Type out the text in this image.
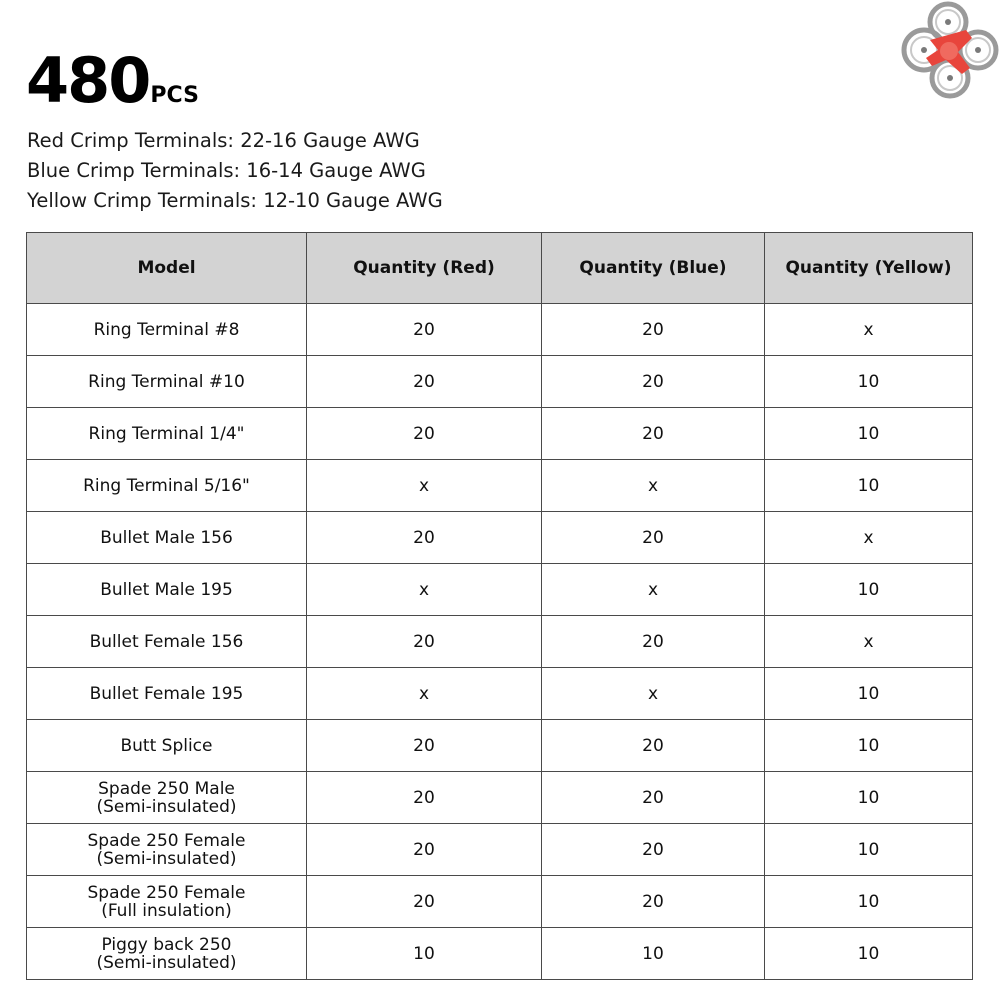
480PCS
Red Crimp Terminals: 22-16 Gauge AWG
Blue Crimp Terminals: 16-14 Gauge AWG
Yellow Crimp Terminals: 12-10 Gauge AWG
Model	Quantity (Red)	Quantity (Blue)	Quantity (Yellow)
Ring Terminal #8	20	20	x
Ring Terminal #10	20	20	10
Ring Terminal 1/4"	20	20	10
Ring Terminal 5/16"	x	x	10
Bullet Male 156	20	20	x
Bullet Male 195	x	x	10
Bullet Female 156	20	20	x
Bullet Female 195	x	x	10
Butt Splice	20	20	10
Spade 250 Male
(Semi-insulated)	20	20	10
Spade 250 Female
(Semi-insulated)	20	20	10
Spade 250 Female
(Full insulation)	20	20	10
Piggy back 250
(Semi-insulated)	10	10	10
